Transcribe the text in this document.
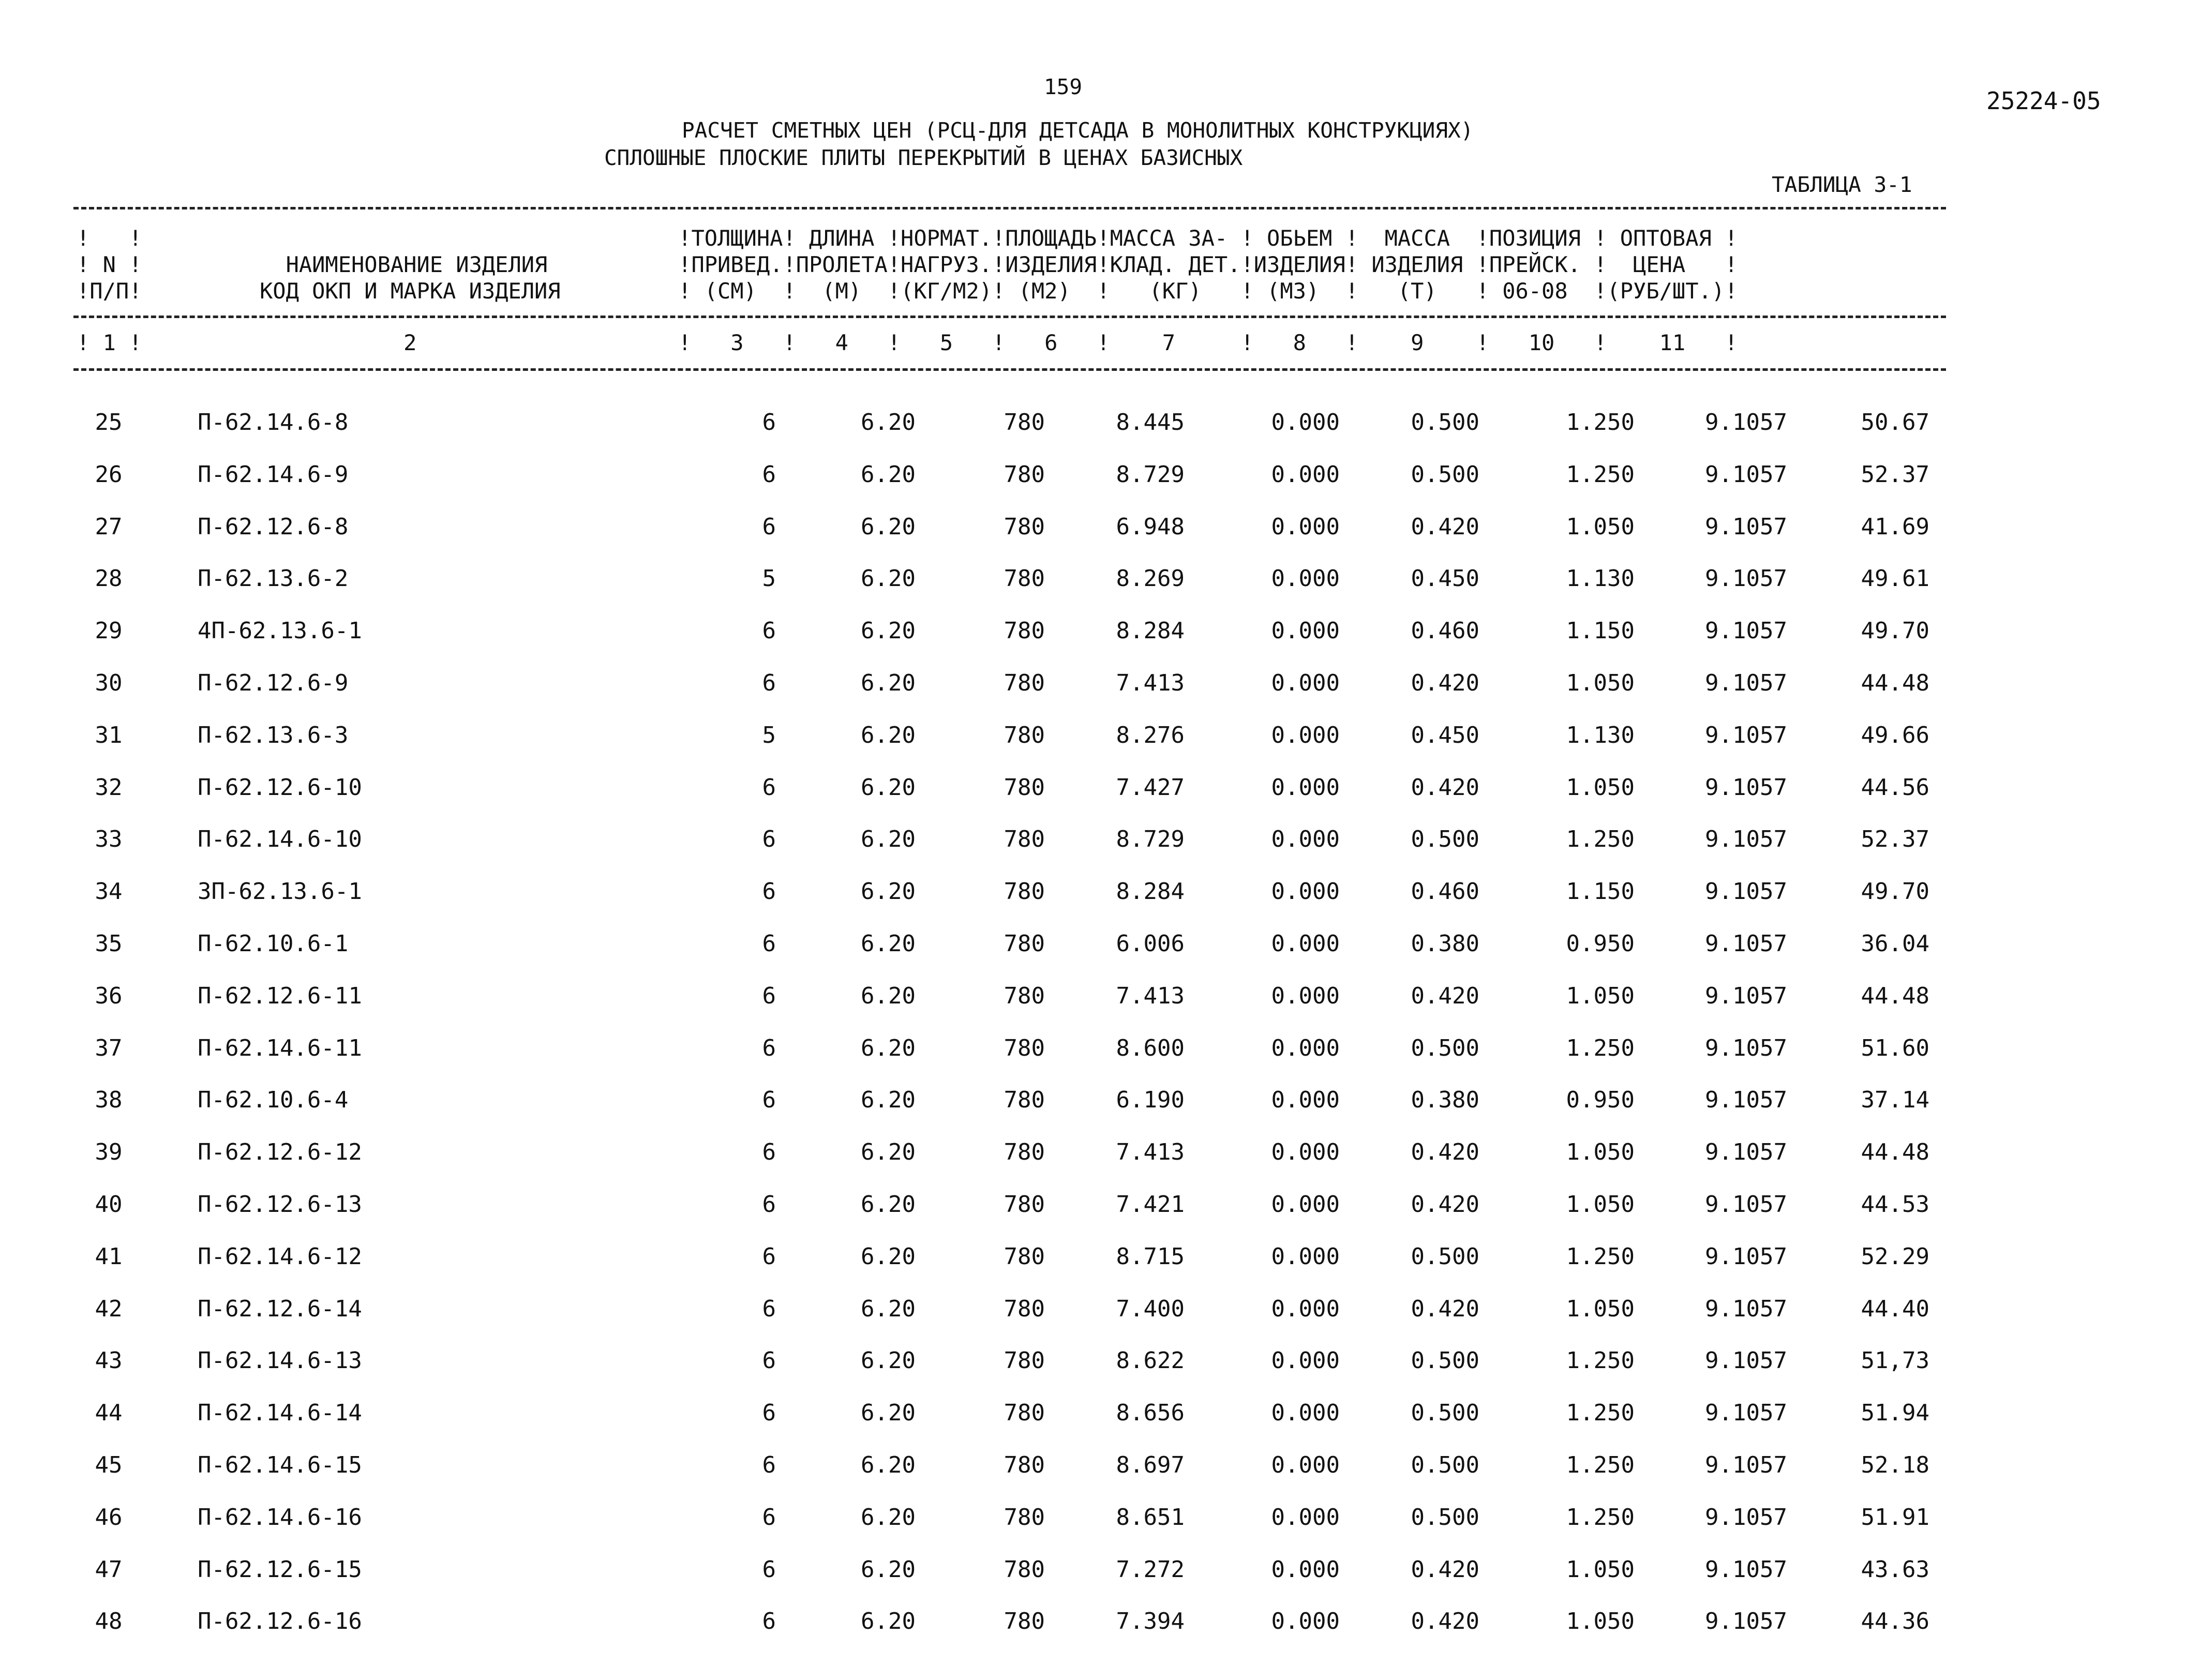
159	25224-05
РАСЧЕТ СМЕТНЫХ ЦЕН (РСЦ-ДЛЯ ДЕТСАДА В МОНОЛИТНЫХ КОНСТРУКЦИЯХ)
СПЛОШНЫЕ ПЛОСКИЕ ПЛИТЫ ПЕРЕКРЫТИЙ В ЦЕНАХ БАЗИСНЫХ
ТАБЛИЦА 3-1
!   !                                         !ТОЛЩИНА! ДЛИНА !НОРМАТ.!ПЛОЩАДЬ!МАССА ЗА- ! ОБЬЕМ !  МАССА  !ПОЗИЦИЯ ! ОПТОВАЯ !
! N !           НАИМЕНОВАНИЕ ИЗДЕЛИЯ          !ПРИВЕД.!ПРОЛЕТА!НАГРУЗ.!ИЗДЕЛИЯ!КЛАД. ДЕТ.!ИЗДЕЛИЯ! ИЗДЕЛИЯ !ПРЕЙСК. !  ЦЕНА   !
!П/П!         КОД ОКП И МАРКА ИЗДЕЛИЯ         ! (СМ)  !  (М)  !(КГ/М2)! (М2)  !   (КГ)   ! (М3)  !   (Т)   ! 06-08  !(РУБ/ШТ.)!
! 1 !                    2                    !   3   !   4   !   5   !   6   !    7     !   8   !    9    !   10   !    11   !
25	П-62.14.6-8	6	6.20	780	8.445	0.000	0.500	1.250	9.1057	50.67
26	П-62.14.6-9	6	6.20	780	8.729	0.000	0.500	1.250	9.1057	52.37
27	П-62.12.6-8	6	6.20	780	6.948	0.000	0.420	1.050	9.1057	41.69
28	П-62.13.6-2	5	6.20	780	8.269	0.000	0.450	1.130	9.1057	49.61
29	4П-62.13.6-1	6	6.20	780	8.284	0.000	0.460	1.150	9.1057	49.70
30	П-62.12.6-9	6	6.20	780	7.413	0.000	0.420	1.050	9.1057	44.48
31	П-62.13.6-3	5	6.20	780	8.276	0.000	0.450	1.130	9.1057	49.66
32	П-62.12.6-10	6	6.20	780	7.427	0.000	0.420	1.050	9.1057	44.56
33	П-62.14.6-10	6	6.20	780	8.729	0.000	0.500	1.250	9.1057	52.37
34	3П-62.13.6-1	6	6.20	780	8.284	0.000	0.460	1.150	9.1057	49.70
35	П-62.10.6-1	6	6.20	780	6.006	0.000	0.380	0.950	9.1057	36.04
36	П-62.12.6-11	6	6.20	780	7.413	0.000	0.420	1.050	9.1057	44.48
37	П-62.14.6-11	6	6.20	780	8.600	0.000	0.500	1.250	9.1057	51.60
38	П-62.10.6-4	6	6.20	780	6.190	0.000	0.380	0.950	9.1057	37.14
39	П-62.12.6-12	6	6.20	780	7.413	0.000	0.420	1.050	9.1057	44.48
40	П-62.12.6-13	6	6.20	780	7.421	0.000	0.420	1.050	9.1057	44.53
41	П-62.14.6-12	6	6.20	780	8.715	0.000	0.500	1.250	9.1057	52.29
42	П-62.12.6-14	6	6.20	780	7.400	0.000	0.420	1.050	9.1057	44.40
43	П-62.14.6-13	6	6.20	780	8.622	0.000	0.500	1.250	9.1057	51,73
44	П-62.14.6-14	6	6.20	780	8.656	0.000	0.500	1.250	9.1057	51.94
45	П-62.14.6-15	6	6.20	780	8.697	0.000	0.500	1.250	9.1057	52.18
46	П-62.14.6-16	6	6.20	780	8.651	0.000	0.500	1.250	9.1057	51.91
47	П-62.12.6-15	6	6.20	780	7.272	0.000	0.420	1.050	9.1057	43.63
48	П-62.12.6-16	6	6.20	780	7.394	0.000	0.420	1.050	9.1057	44.36
